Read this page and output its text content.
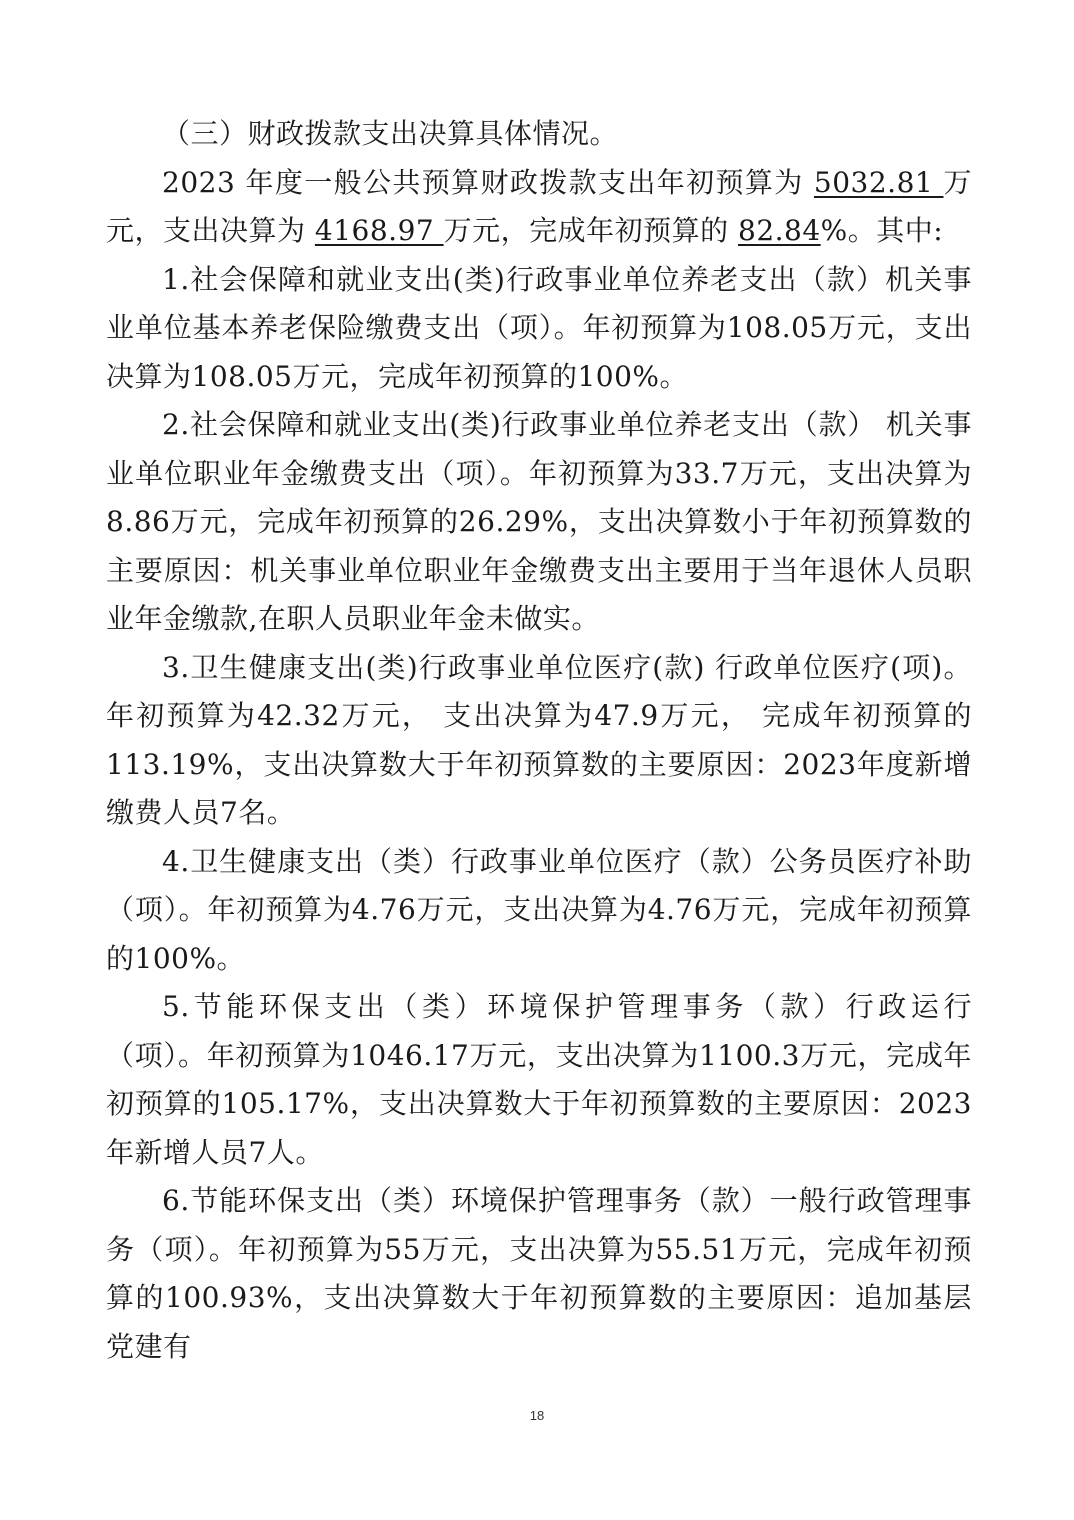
（三）财政拨款支出决算具体情况。

2023 年度一般公共预算财政拨款支出年初预算为 5032.81 万元，支出决算为 4168.97 万元，完成年初预算的 82.84%。其中:

1.社会保障和就业支出(类)行政事业单位养老支出（款）机关事业单位基本养老保险缴费支出（项）。年初预算为108.05万元，支出决算为108.05万元，完成年初预算的100%。

2.社会保障和就业支出(类)行政事业单位养老支出（款） 机关事业单位职业年金缴费支出（项）。年初预算为33.7万元，支出决算为8.86万元，完成年初预算的26.29%，支出决算数小于年初预算数的主要原因：机关事业单位职业年金缴费支出主要用于当年退休人员职业年金缴款,在职人员职业年金未做实。

3.卫生健康支出(类)行政事业单位医疗(款) 行政单位医疗(项)。年初预算为42.32万元， 支出决算为47.9万元， 完成年初预算的113.19%，支出决算数大于年初预算数的主要原因：2023年度新增缴费人员7名。

4.卫生健康支出（类）行政事业单位医疗（款）公务员医疗补助（项）。年初预算为4.76万元，支出决算为4.76万元，完成年初预算的100%。

5.节能环保支出（类）环境保护管理事务（款）行政运行（项）。年初预算为1046.17万元，支出决算为1100.3万元，完成年初预算的105.17%，支出决算数大于年初预算数的主要原因：2023年新增人员7人。

6.节能环保支出（类）环境保护管理事务（款）一般行政管理事务（项）。年初预算为55万元，支出决算为55.51万元，完成年初预算的100.93%，支出决算数大于年初预算数的主要原因：追加基层党建有

18
